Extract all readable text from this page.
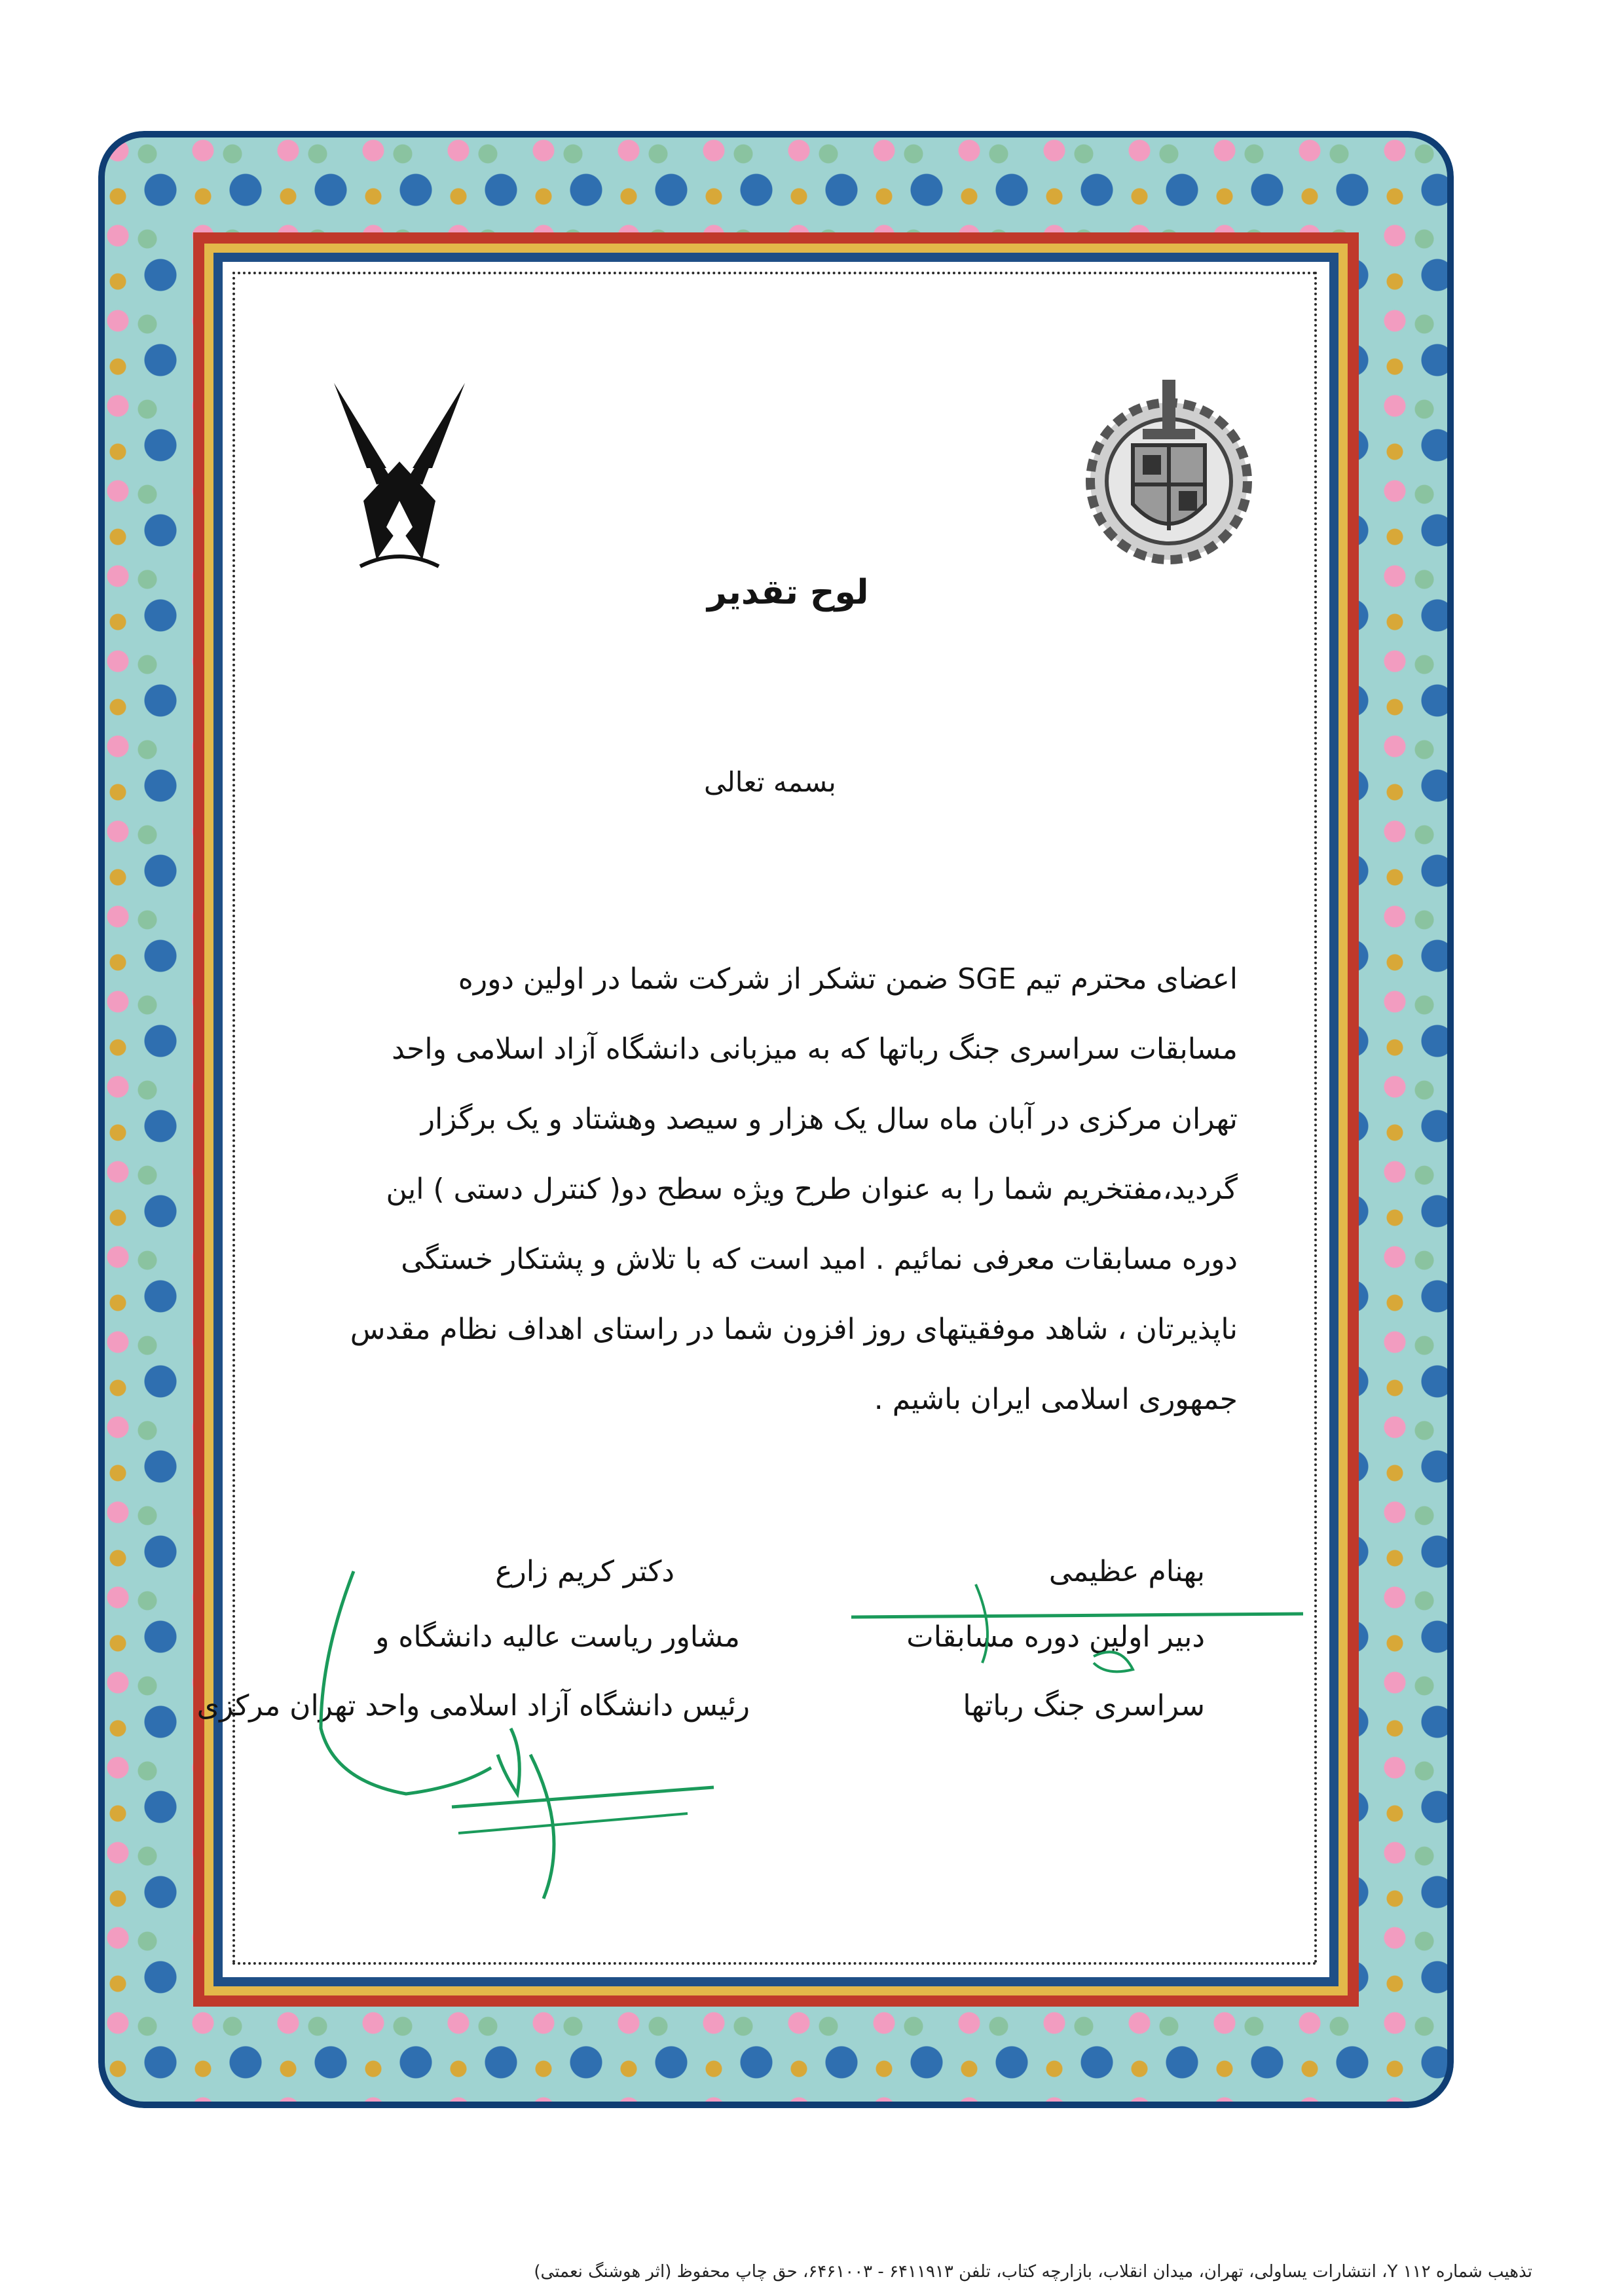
لوح تقدیر
بسمه تعالی
اعضای محترم تیم SGE ضمن تشکر از شرکت شما در اولین دوره
مسابقات سراسری جنگ رباتها که به میزبانی دانشگاه آزاد اسلامی واحد
تهران مرکزی در آبان ماه سال یک هزار و سیصد وهشتاد و یک برگزار
گردید،مفتخریم شما را به عنوان طرح ویژه سطح دو( کنترل دستی ) این
دوره مسابقات معرفی نمائیم . امید است که با تلاش و پشتکار خستگی
ناپذیرتان ، شاهد موفقیتهای روز افزون شما در راستای اهداف نظام مقدس
جمهوری اسلامی ایران باشیم .
دکتر کریم زارع
مشاور ریاست عالیه دانشگاه و
رئیس دانشگاه آزاد اسلامی واحد تهران مرکزی
بهنام عظیمی
دبیر اولین دوره مسابقات
سراسری جنگ رباتها
تذهیب شماره ۱۱۲ Y، انتشارات یساولی، تهران، میدان انقلاب، بازارچه کتاب، تلفن ۶۴۱۱۹۱۳ - ۶۴۶۱۰۰۳، حق چاپ محفوظ (اثر هوشنگ نعمتی)
